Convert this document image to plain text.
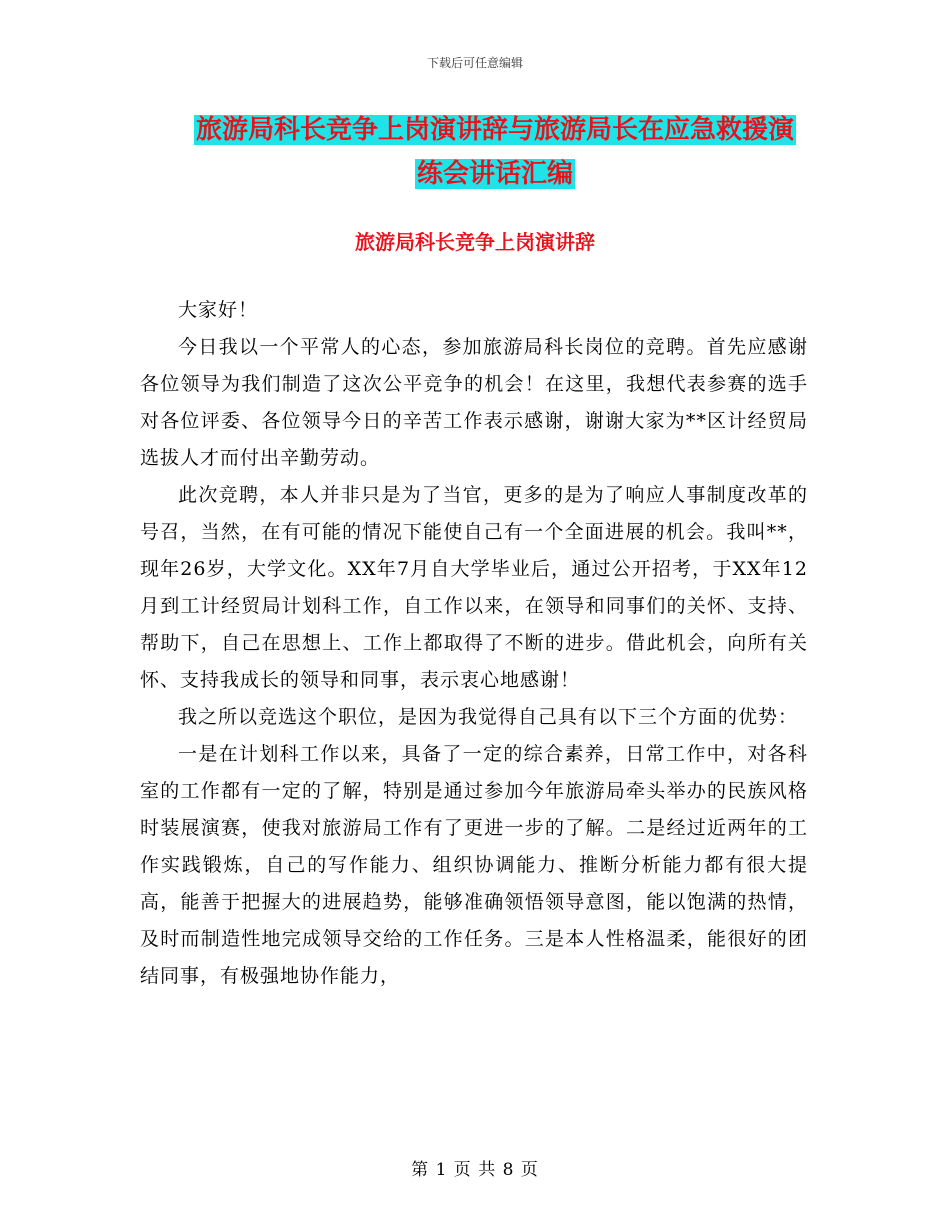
下载后可任意编辑
旅游局科长竞争上岗演讲辞与旅游局长在应急救援演
练会讲话汇编
旅游局科长竞争上岗演讲辞

大家好！

今日我以一个平常人的心态，参加旅游局科长岗位的竞聘。首先应感谢各位领导为我们制造了这次公平竞争的机会！在这里，我想代表参赛的选手对各位评委、各位领导今日的辛苦工作表示感谢，谢谢大家为**区计经贸局选拔人才而付出辛勤劳动。

此次竞聘，本人并非只是为了当官，更多的是为了响应人事制度改革的号召，当然，在有可能的情况下能使自己有一个全面进展的机会。我叫**，现年26岁，大学文化。XX年7月自大学毕业后，通过公开招考，于XX年12月到工计经贸局计划科工作，自工作以来，在领导和同事们的关怀、支持、帮助下，自己在思想上、工作上都取得了不断的进步。借此机会，向所有关怀、支持我成长的领导和同事，表示衷心地感谢！

我之所以竞选这个职位，是因为我觉得自己具有以下三个方面的优势：

一是在计划科工作以来，具备了一定的综合素养，日常工作中，对各科室的工作都有一定的了解，特别是通过参加今年旅游局牵头举办的民族风格时装展演赛，使我对旅游局工作有了更进一步的了解。二是经过近两年的工作实践锻炼，自己的写作能力、组织协调能力、推断分析能力都有很大提高，能善于把握大的进展趋势，能够准确领悟领导意图，能以饱满的热情，及时而制造性地完成领导交给的工作任务。三是本人性格温柔，能很好的团结同事，有极强地协作能力，

第 1 页 共 8 页
